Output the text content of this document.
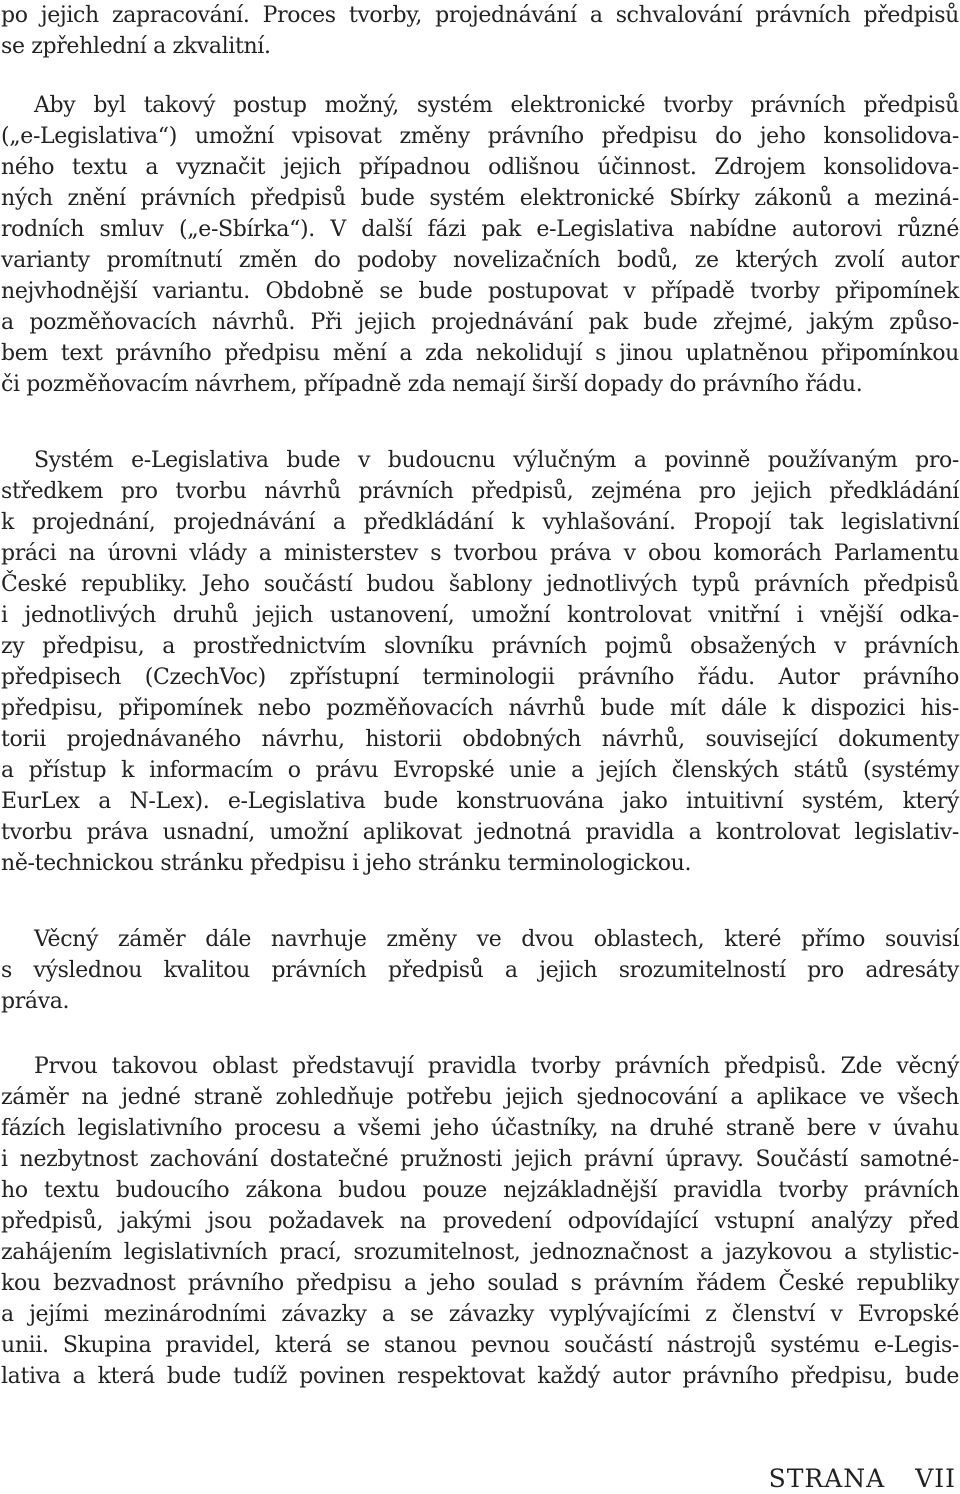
po jejich zapracování. Proces tvorby, projednávání a schvalování právních předpisů
se zpřehlední a zkvalitní.
Aby byl takový postup možný, systém elektronické tvorby právních předpisů
(„e-Legislativa“) umožní vpisovat změny právního předpisu do jeho konsolidova-
ného textu a vyznačit jejich případnou odlišnou účinnost. Zdrojem konsolidova-
ných znění právních předpisů bude systém elektronické Sbírky zákonů a meziná-
rodních smluv („e-Sbírka“). V další fázi pak e-Legislativa nabídne autorovi různé
varianty promítnutí změn do podoby novelizačních bodů, ze kterých zvolí autor
nejvhodnější variantu. Obdobně se bude postupovat v případě tvorby připomínek
a pozměňovacích návrhů. Při jejich projednávání pak bude zřejmé, jakým způso-
bem text právního předpisu mění a zda nekolidují s jinou uplatněnou připomínkou
či pozměňovacím návrhem, případně zda nemají širší dopady do právního řádu.
Systém e-Legislativa bude v budoucnu výlučným a povinně používaným pro-
středkem pro tvorbu návrhů právních předpisů, zejména pro jejich předkládání
k projednání, projednávání a předkládání k vyhlašování. Propojí tak legislativní
práci na úrovni vlády a ministerstev s tvorbou práva v obou komorách Parlamentu
České republiky. Jeho součástí budou šablony jednotlivých typů právních předpisů
i jednotlivých druhů jejich ustanovení, umožní kontrolovat vnitřní i vnější odka-
zy předpisu, a prostřednictvím slovníku právních pojmů obsažených v právních
předpisech (CzechVoc) zpřístupní terminologii právního řádu. Autor právního
předpisu, připomínek nebo pozměňovacích návrhů bude mít dále k dispozici his-
torii projednávaného návrhu, historii obdobných návrhů, související dokumenty
a přístup k informacím o právu Evropské unie a jejích členských států (systémy
EurLex a N-Lex). e-Legislativa bude konstruována jako intuitivní systém, který
tvorbu práva usnadní, umožní aplikovat jednotná pravidla a kontrolovat legislativ-
ně-technickou stránku předpisu i jeho stránku terminologickou.
Věcný záměr dále navrhuje změny ve dvou oblastech, které přímo souvisí
s výslednou kvalitou právních předpisů a jejich srozumitelností pro adresáty
práva.
Prvou takovou oblast představují pravidla tvorby právních předpisů. Zde věcný
záměr na jedné straně zohledňuje potřebu jejich sjednocování a aplikace ve všech
fázích legislativního procesu a všemi jeho účastníky, na druhé straně bere v úvahu
i nezbytnost zachování dostatečné pružnosti jejich právní úpravy. Součástí samotné-
ho textu budoucího zákona budou pouze nejzákladnější pravidla tvorby právních
předpisů, jakými jsou požadavek na provedení odpovídající vstupní analýzy před
zahájením legislativních prací, srozumitelnost, jednoznačnost a jazykovou a stylistic-
kou bezvadnost právního předpisu a jeho soulad s právním řádem České republiky
a jejími mezinárodními závazky a se závazky vyplývajícími z členství v Evropské
unii. Skupina pravidel, která se stanou pevnou součástí nástrojů systému e-Legis-
lativa a která bude tudíž povinen respektovat každý autor právního předpisu, bude
STRANA VII
